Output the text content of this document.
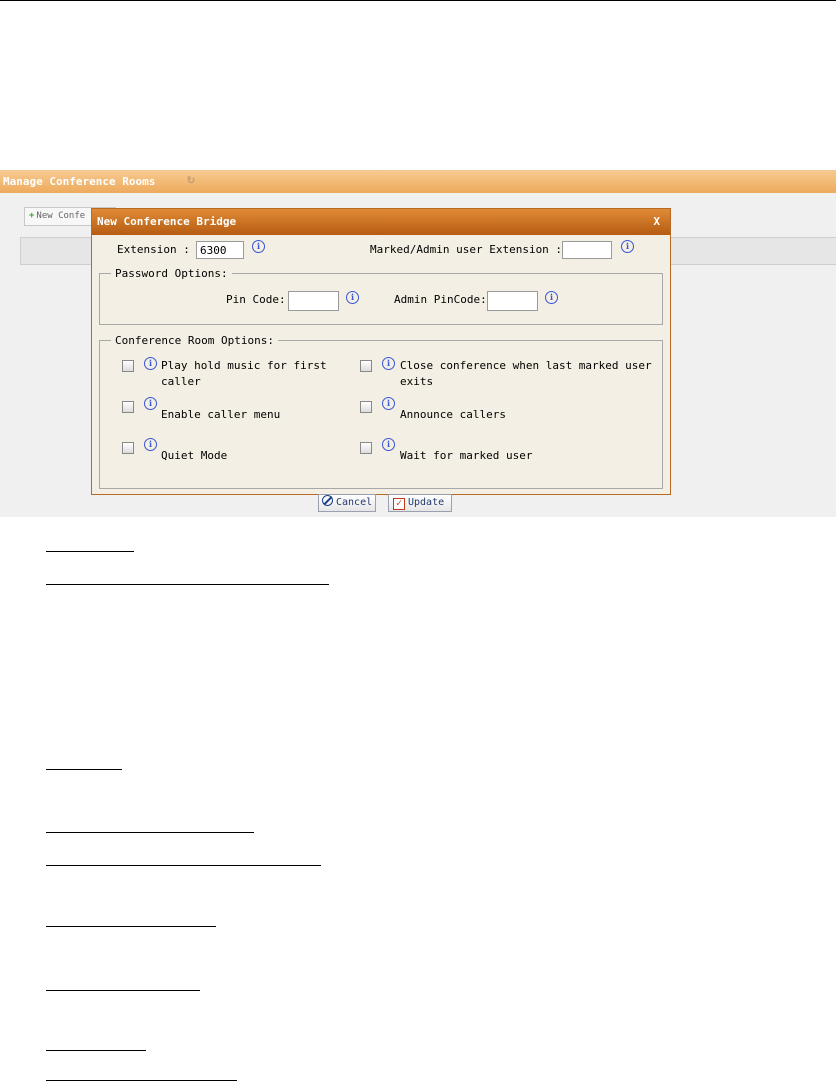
Manage Conference Rooms ↻
+ New Confe	New Conference Bridge	X
Extension :
6300	i	Marked/Admin user Extension :	i
Password Options:
Pin Code:	i	Admin PinCode:	i
Conference Room Options:
i Play hold music for first caller
i Close conference when last marked user exits
i
Enable caller menu
i
Announce callers
i
Quiet Mode
i
Wait for marked user
Cancel	✓ Update
